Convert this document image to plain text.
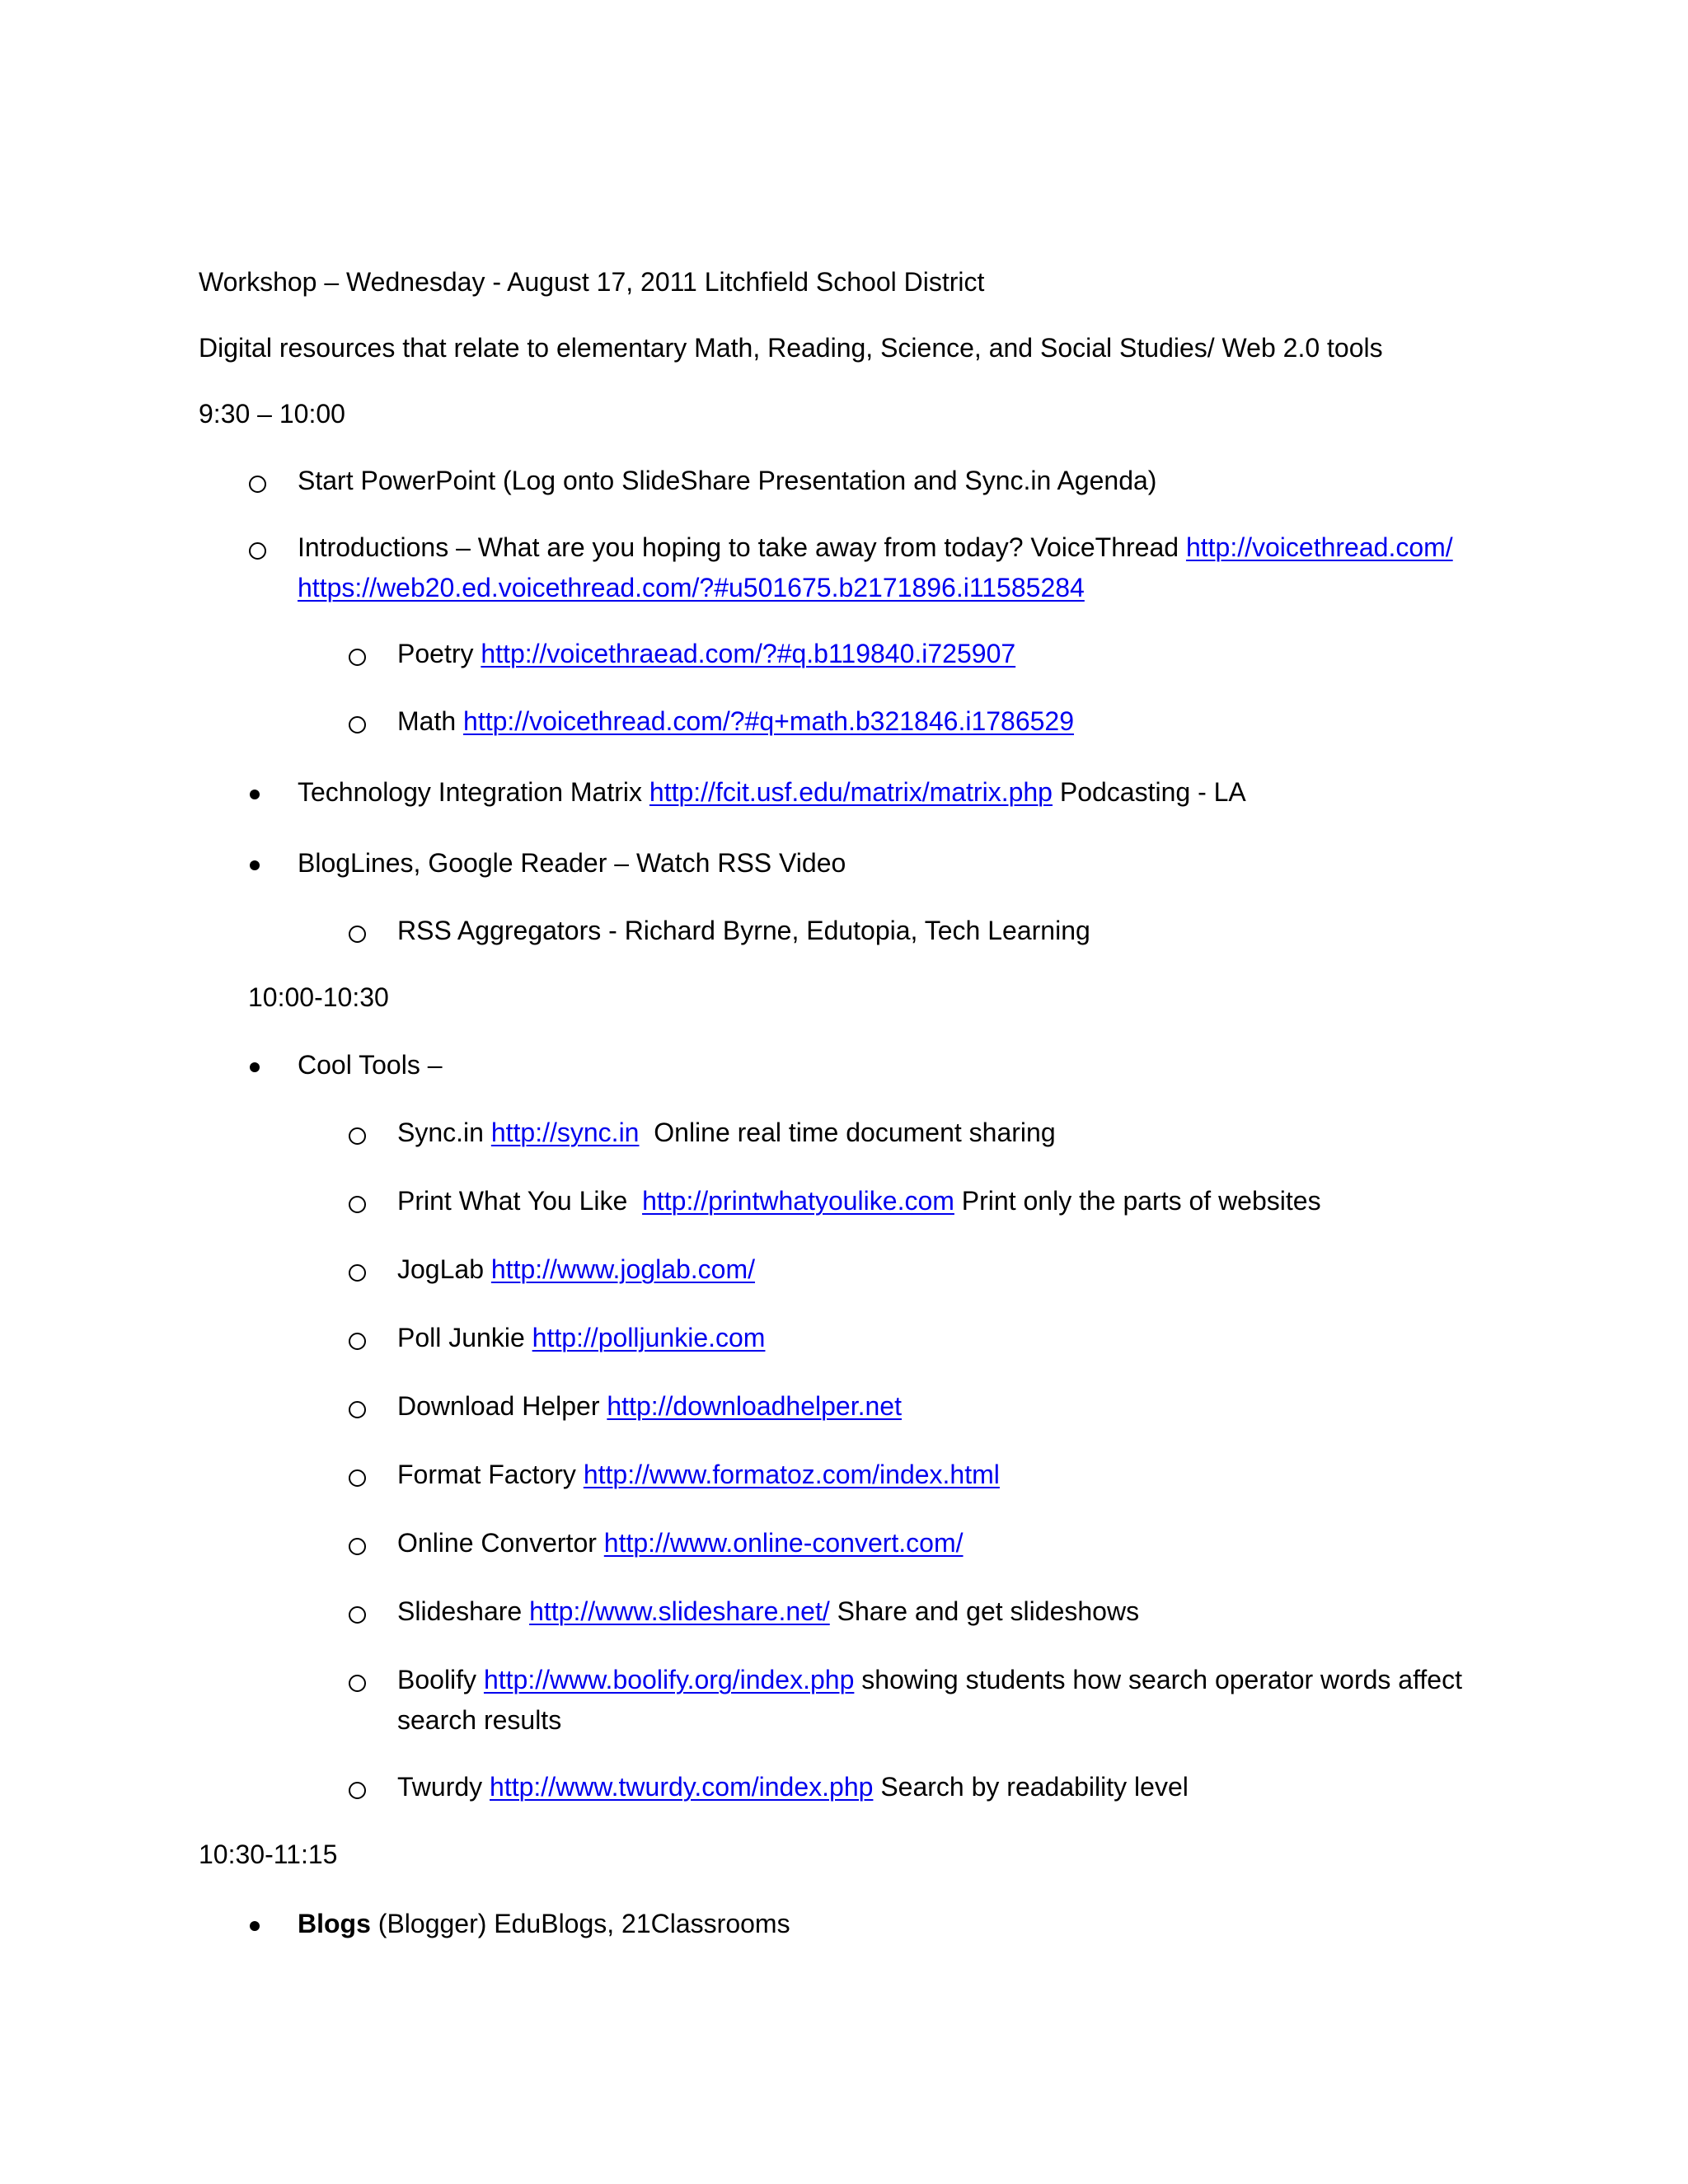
Workshop – Wednesday - August 17, 2011 Litchfield School District
Digital resources that relate to elementary Math, Reading, Science, and Social Studies/ Web 2.0 tools
9:30 – 10:00
Start PowerPoint (Log onto SlideShare Presentation and Sync.in Agenda)
Introductions – What are you hoping to take away from today? VoiceThread http://voicethread.com/
https://web20.ed.voicethread.com/?#u501675.b2171896.i11585284
Poetry http://voicethraead.com/?#q.b119840.i725907
Math http://voicethread.com/?#q+math.b321846.i1786529
Technology Integration Matrix http://fcit.usf.edu/matrix/matrix.php Podcasting - LA
BlogLines, Google Reader – Watch RSS Video
RSS Aggregators - Richard Byrne, Edutopia, Tech Learning
10:00-10:30
Cool Tools –
Sync.in http://sync.in  Online real time document sharing
Print What You Like  http://printwhatyoulike.com Print only the parts of websites
JogLab http://www.joglab.com/
Poll Junkie http://polljunkie.com
Download Helper http://downloadhelper.net
Format Factory http://www.formatoz.com/index.html
Online Convertor http://www.online-convert.com/
Slideshare http://www.slideshare.net/ Share and get slideshows
Boolify http://www.boolify.org/index.php showing students how search operator words affect
search results
Twurdy http://www.twurdy.com/index.php Search by readability level
10:30-11:15
Blogs (Blogger) EduBlogs, 21Classrooms
